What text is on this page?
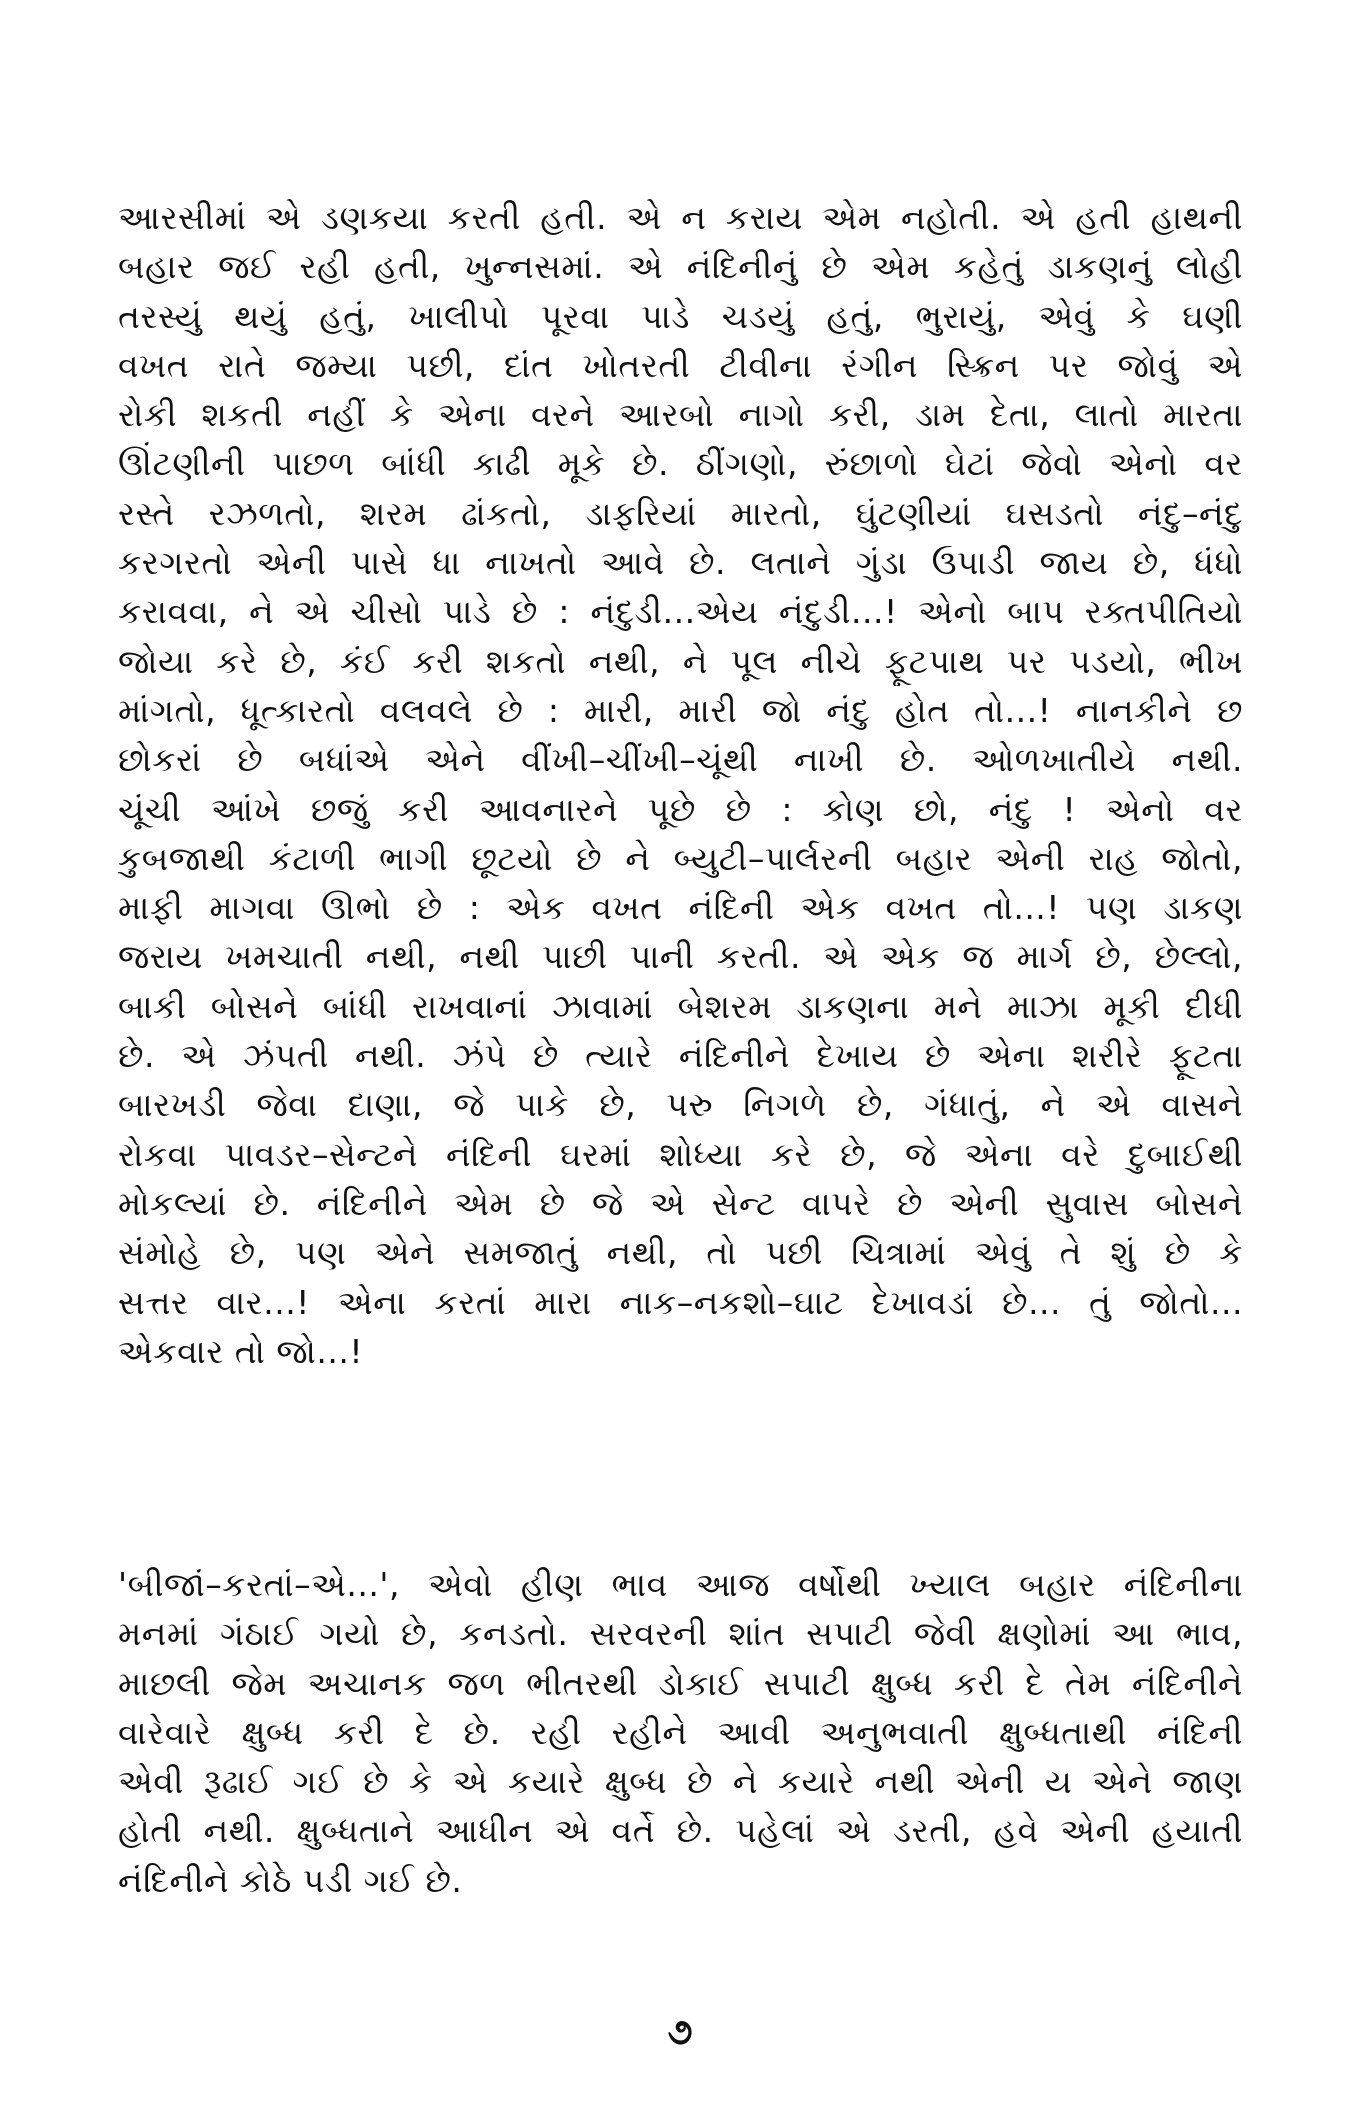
આરસીમાં એ ડણકયા કરતી હતી. એ ન કરાય એમ નહોતી. એ હતી હાથની
બહાર જઈ રહી હતી, ખુન્નસમાં. એ નંદિનીનું છે એમ કહેતું ડાકણનું લોહી
તરસ્યું થયું હતું, ખાલીપો પૂરવા પાડે ચડયું હતું, ભુરાયું, એવું કે ઘણી
વખત રાતે જમ્યા પછી, દાંત ખોતરતી ટીવીના રંગીન સ્ક્રિન પર જોવું એ
રોકી શકતી નહીં કે એના વરને આરબો નાગો કરી, ડામ દેતા, લાતો મારતા
ઊંટણીની પાછળ બાંધી કાઢી મૂકે છે. ઠીંગણો, રુંછાળો ઘેટાં જેવો એનો વર
રસ્તે રઝળતો, શરમ ઢાંકતો, ડાફરિયાં મારતો, ઘુંટણીયાં ઘસડતો નંદુ–નંદુ
કરગરતો એની પાસે ધા નાખતો આવે છે. લતાને ગુંડા ઉપાડી જાય છે, ધંધો
કરાવવા, ને એ ચીસો પાડે છે : નંદુડી...એય નંદુડી...! એનો બાપ રક્તપીતિયો
જોયા કરે છે, કંઈ કરી શકતો નથી, ને પૂલ નીચે ફૂટપાથ પર પડયો, ભીખ
માંગતો, ધૂત્કારતો વલવલે છે : મારી, મારી જો નંદુ હોત તો...! નાનકીને છ
છોકરાં છે બધાંએ એને વીંખી–ચીંખી–ચૂંથી નાખી છે. ઓળખાતીયે નથી.
ચૂંચી આંખે છજું કરી આવનારને પૂછે છે : કોણ છો, નંદુ ! એનો વર
કુબજાથી કંટાળી ભાગી છૂટયો છે ને બ્યુટી–પાર્લરની બહાર એની રાહ જોતો,
માફી માગવા ઊભો છે : એક વખત નંદિની એક વખત તો...! પણ ડાકણ
જરાય ખમચાતી નથી, નથી પાછી પાની કરતી. એ એક જ માર્ગ છે, છેલ્લો,
બાકી બોસને બાંધી રાખવાનાં ઝાવામાં બેશરમ ડાકણના મને માઝા મૂકી દીધી
છે. એ ઝંપતી નથી. ઝંપે છે ત્યારે નંદિનીને દેખાય છે એના શરીરે ફૂટતા
બારખડી જેવા દાણા, જે પાકે છે, પરુ નિગળે છે, ગંધાતું, ને એ વાસને
રોકવા પાવડર–સેન્ટને નંદિની ઘરમાં શોધ્યા કરે છે, જે એના વરે દુબાઈથી
મોકલ્યાં છે. નંદિનીને એમ છે જે એ સેન્ટ વાપરે છે એની સુવાસ બોસને
સંમોહે છે, પણ એને સમજાતું નથી, તો પછી ચિત્રામાં એવું તે શું છે કે
સત્તર વાર...! એના કરતાં મારા નાક–નકશો–ઘાટ દેખાવડાં છે... તું જોતો...
એકવાર તો જો...!
'બીજાં–કરતાં–એ...', એવો હીણ ભાવ આજ વર્ષોથી ખ્યાલ બહાર નંદિનીના
મનમાં ગંઠાઈ ગયો છે, કનડતો. સરવરની શાંત સપાટી જેવી ક્ષણોમાં આ ભાવ,
માછલી જેમ અચાનક જળ ભીતરથી ડોકાઈ સપાટી ક્ષુબ્ધ કરી દે તેમ નંદિનીને
વારેવારે ક્ષુબ્ધ કરી દે છે. રહી રહીને આવી અનુભવાતી ક્ષુબ્ધતાથી નંદિની
એવી રૂઢાઈ ગઈ છે કે એ કયારે ક્ષુબ્ધ છે ને કયારે નથી એની ય એને જાણ
હોતી નથી. ક્ષુબ્ધતાને આધીન એ વર્તે છે. પહેલાં એ ડરતી, હવે એની હયાતી
નંદિનીને કોઠે પડી ગઈ છે.
૭
